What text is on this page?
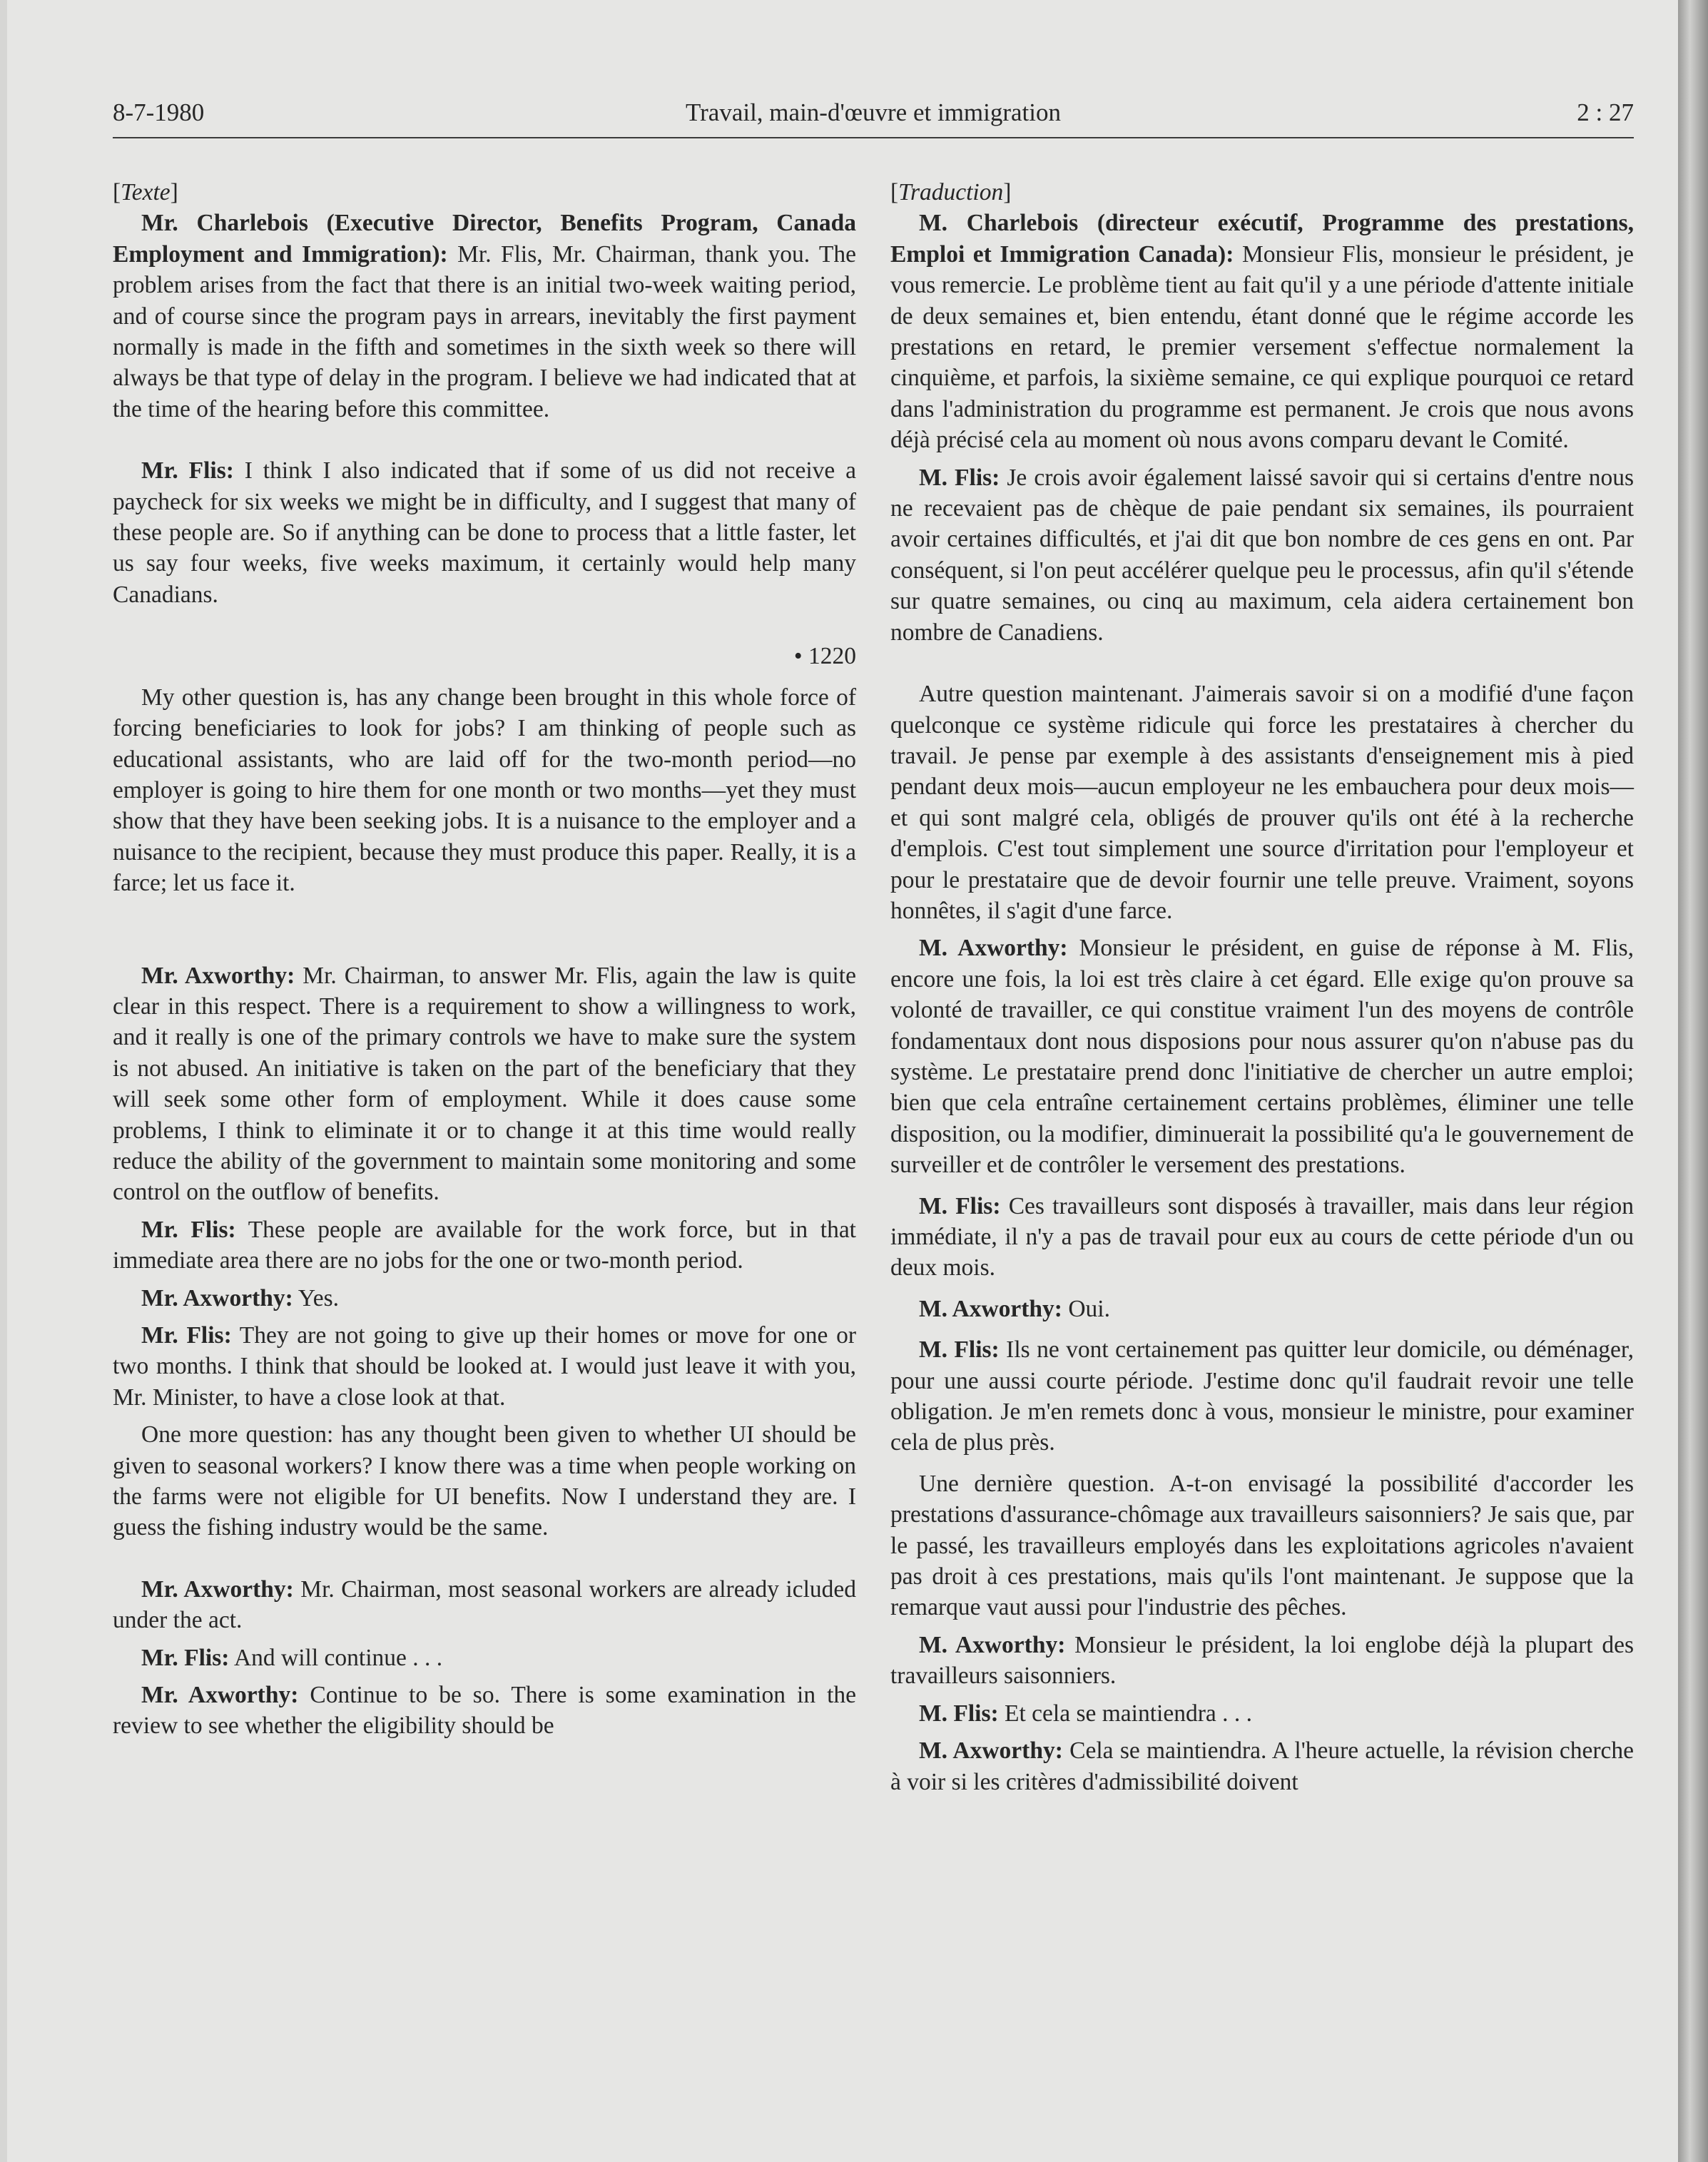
8-7-1980	Travail, main-d'œuvre et immigration	2 : 27

[Texte]

Mr. Charlebois (Executive Director, Benefits Program, Canada Employment and Immigration): Mr. Flis, Mr. Chairman, thank you. The problem arises from the fact that there is an initial two-week waiting period, and of course since the program pays in arrears, inevitably the first payment normally is made in the fifth and sometimes in the sixth week so there will always be that type of delay in the program. I believe we had indicated that at the time of the hearing before this committee.

Mr. Flis: I think I also indicated that if some of us did not receive a paycheck for six weeks we might be in difficulty, and I suggest that many of these people are. So if anything can be done to process that a little faster, let us say four weeks, five weeks maximum, it certainly would help many Canadians.

• 1220

My other question is, has any change been brought in this whole force of forcing beneficiaries to look for jobs? I am thinking of people such as educational assistants, who are laid off for the two-month period—no employer is going to hire them for one month or two months—yet they must show that they have been seeking jobs. It is a nuisance to the employer and a nuisance to the recipient, because they must produce this paper. Really, it is a farce; let us face it.

Mr. Axworthy: Mr. Chairman, to answer Mr. Flis, again the law is quite clear in this respect. There is a requirement to show a willingness to work, and it really is one of the primary controls we have to make sure the system is not abused. An initiative is taken on the part of the beneficiary that they will seek some other form of employment. While it does cause some problems, I think to eliminate it or to change it at this time would really reduce the ability of the government to maintain some monitoring and some control on the outflow of benefits.

Mr. Flis: These people are available for the work force, but in that immediate area there are no jobs for the one or two-month period.

Mr. Axworthy: Yes.

Mr. Flis: They are not going to give up their homes or move for one or two months. I think that should be looked at. I would just leave it with you, Mr. Minister, to have a close look at that.

One more question: has any thought been given to whether UI should be given to seasonal workers? I know there was a time when people working on the farms were not eligible for UI benefits. Now I understand they are. I guess the fishing industry would be the same.

Mr. Axworthy: Mr. Chairman, most seasonal workers are already icluded under the act.

Mr. Flis: And will continue . . .

Mr. Axworthy: Continue to be so. There is some examination in the review to see whether the eligibility should be

[Traduction]

M. Charlebois (directeur exécutif, Programme des prestations, Emploi et Immigration Canada): Monsieur Flis, monsieur le président, je vous remercie. Le problème tient au fait qu'il y a une période d'attente initiale de deux semaines et, bien entendu, étant donné que le régime accorde les prestations en retard, le premier versement s'effectue normalement la cinquième, et parfois, la sixième semaine, ce qui explique pourquoi ce retard dans l'administration du programme est permanent. Je crois que nous avons déjà précisé cela au moment où nous avons comparu devant le Comité.

M. Flis: Je crois avoir également laissé savoir qui si certains d'entre nous ne recevaient pas de chèque de paie pendant six semaines, ils pourraient avoir certaines difficultés, et j'ai dit que bon nombre de ces gens en ont. Par conséquent, si l'on peut accélérer quelque peu le processus, afin qu'il s'étende sur quatre semaines, ou cinq au maximum, cela aidera certainement bon nombre de Canadiens.

Autre question maintenant. J'aimerais savoir si on a modifié d'une façon quelconque ce système ridicule qui force les prestataires à chercher du travail. Je pense par exemple à des assistants d'enseignement mis à pied pendant deux mois—aucun employeur ne les embauchera pour deux mois—et qui sont malgré cela, obligés de prouver qu'ils ont été à la recherche d'emplois. C'est tout simplement une source d'irritation pour l'employeur et pour le prestataire que de devoir fournir une telle preuve. Vraiment, soyons honnêtes, il s'agit d'une farce.

M. Axworthy: Monsieur le président, en guise de réponse à M. Flis, encore une fois, la loi est très claire à cet égard. Elle exige qu'on prouve sa volonté de travailler, ce qui constitue vraiment l'un des moyens de contrôle fondamentaux dont nous disposions pour nous assurer qu'on n'abuse pas du système. Le prestataire prend donc l'initiative de chercher un autre emploi; bien que cela entraîne certainement certains problèmes, éliminer une telle disposition, ou la modifier, diminuerait la possibilité qu'a le gouvernement de surveiller et de contrôler le versement des prestations.

M. Flis: Ces travailleurs sont disposés à travailler, mais dans leur région immédiate, il n'y a pas de travail pour eux au cours de cette période d'un ou deux mois.

M. Axworthy: Oui.

M. Flis: Ils ne vont certainement pas quitter leur domicile, ou déménager, pour une aussi courte période. J'estime donc qu'il faudrait revoir une telle obligation. Je m'en remets donc à vous, monsieur le ministre, pour examiner cela de plus près.

Une dernière question. A-t-on envisagé la possibilité d'accorder les prestations d'assurance-chômage aux travailleurs saisonniers? Je sais que, par le passé, les travailleurs employés dans les exploitations agricoles n'avaient pas droit à ces prestations, mais qu'ils l'ont maintenant. Je suppose que la remarque vaut aussi pour l'industrie des pêches.

M. Axworthy: Monsieur le président, la loi englobe déjà la plupart des travailleurs saisonniers.

M. Flis: Et cela se maintiendra . . .

M. Axworthy: Cela se maintiendra. A l'heure actuelle, la révision cherche à voir si les critères d'admissibilité doivent
